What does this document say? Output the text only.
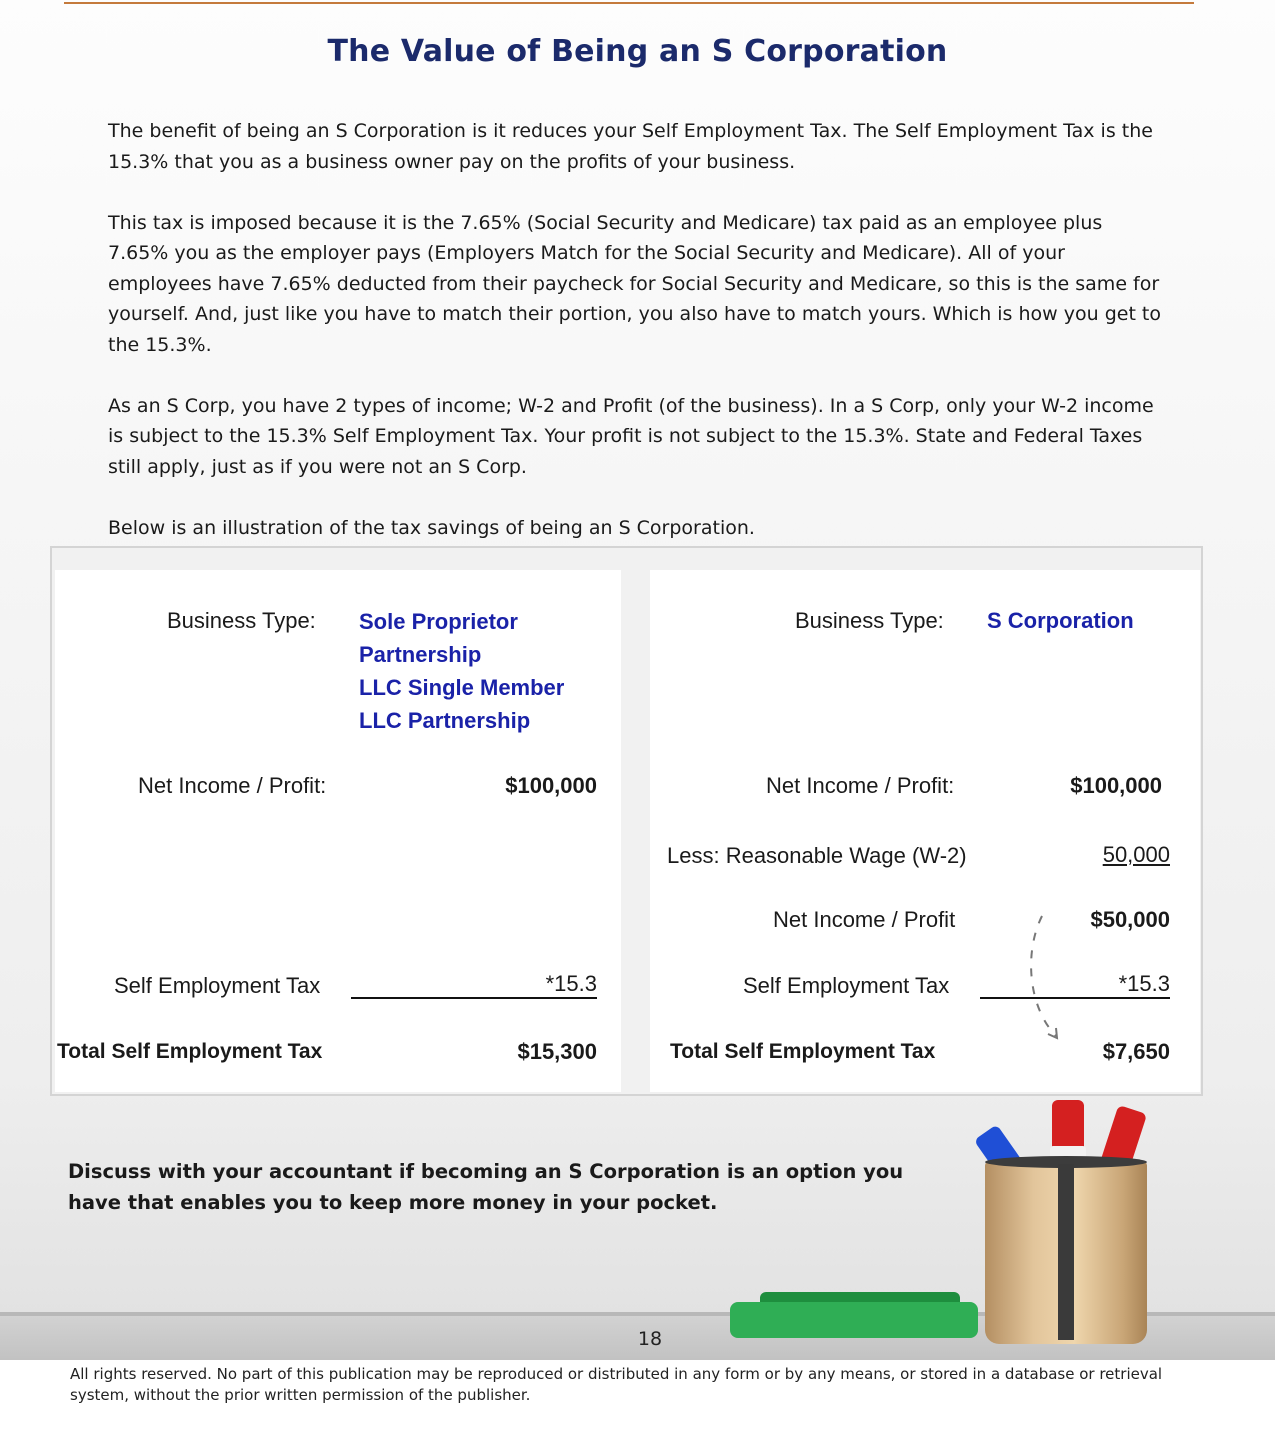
The Value of Being an S Corporation

The benefit of being an S Corporation is it reduces your Self Employment Tax. The Self Employment Tax is the 15.3% that you as a business owner pay on the profits of your business.

This tax is imposed because it is the 7.65% (Social Security and Medicare) tax paid as an employee plus 7.65% you as the employer pays (Employers Match for the Social Security and Medicare). All of your employees have 7.65% deducted from their paycheck for Social Security and Medicare, so this is the same for yourself. And, just like you have to match their portion, you also have to match yours. Which is how you get to the 15.3%.

As an S Corp, you have 2 types of income; W-2 and Profit (of the business). In a S Corp, only your W-2 income is subject to the 15.3% Self Employment Tax. Your profit is not subject to the 15.3%. State and Federal Taxes still apply, just as if you were not an S Corp.

Below is an illustration of the tax savings of being an S Corporation.

Business Type: Sole Proprietor
Partnership
LLC Single Member
LLC Partnership
Net Income / Profit:	$100,000
Self Employment Tax	*15.3
Total Self Employment Tax	$15,300
Business Type: S Corporation
Net Income / Profit:	$100,000
Less: Reasonable Wage (W-2)	50,000
Net Income / Profit	$50,000
Self Employment Tax	*15.3
Total Self Employment Tax	$7,650
Discuss with your accountant if becoming an S Corporation is an option you have that enables you to keep more money in your pocket.
18
All rights reserved. No part of this publication may be reproduced or distributed in any form or by any means, or stored in a database or retrieval system, without the prior written permission of the publisher.
